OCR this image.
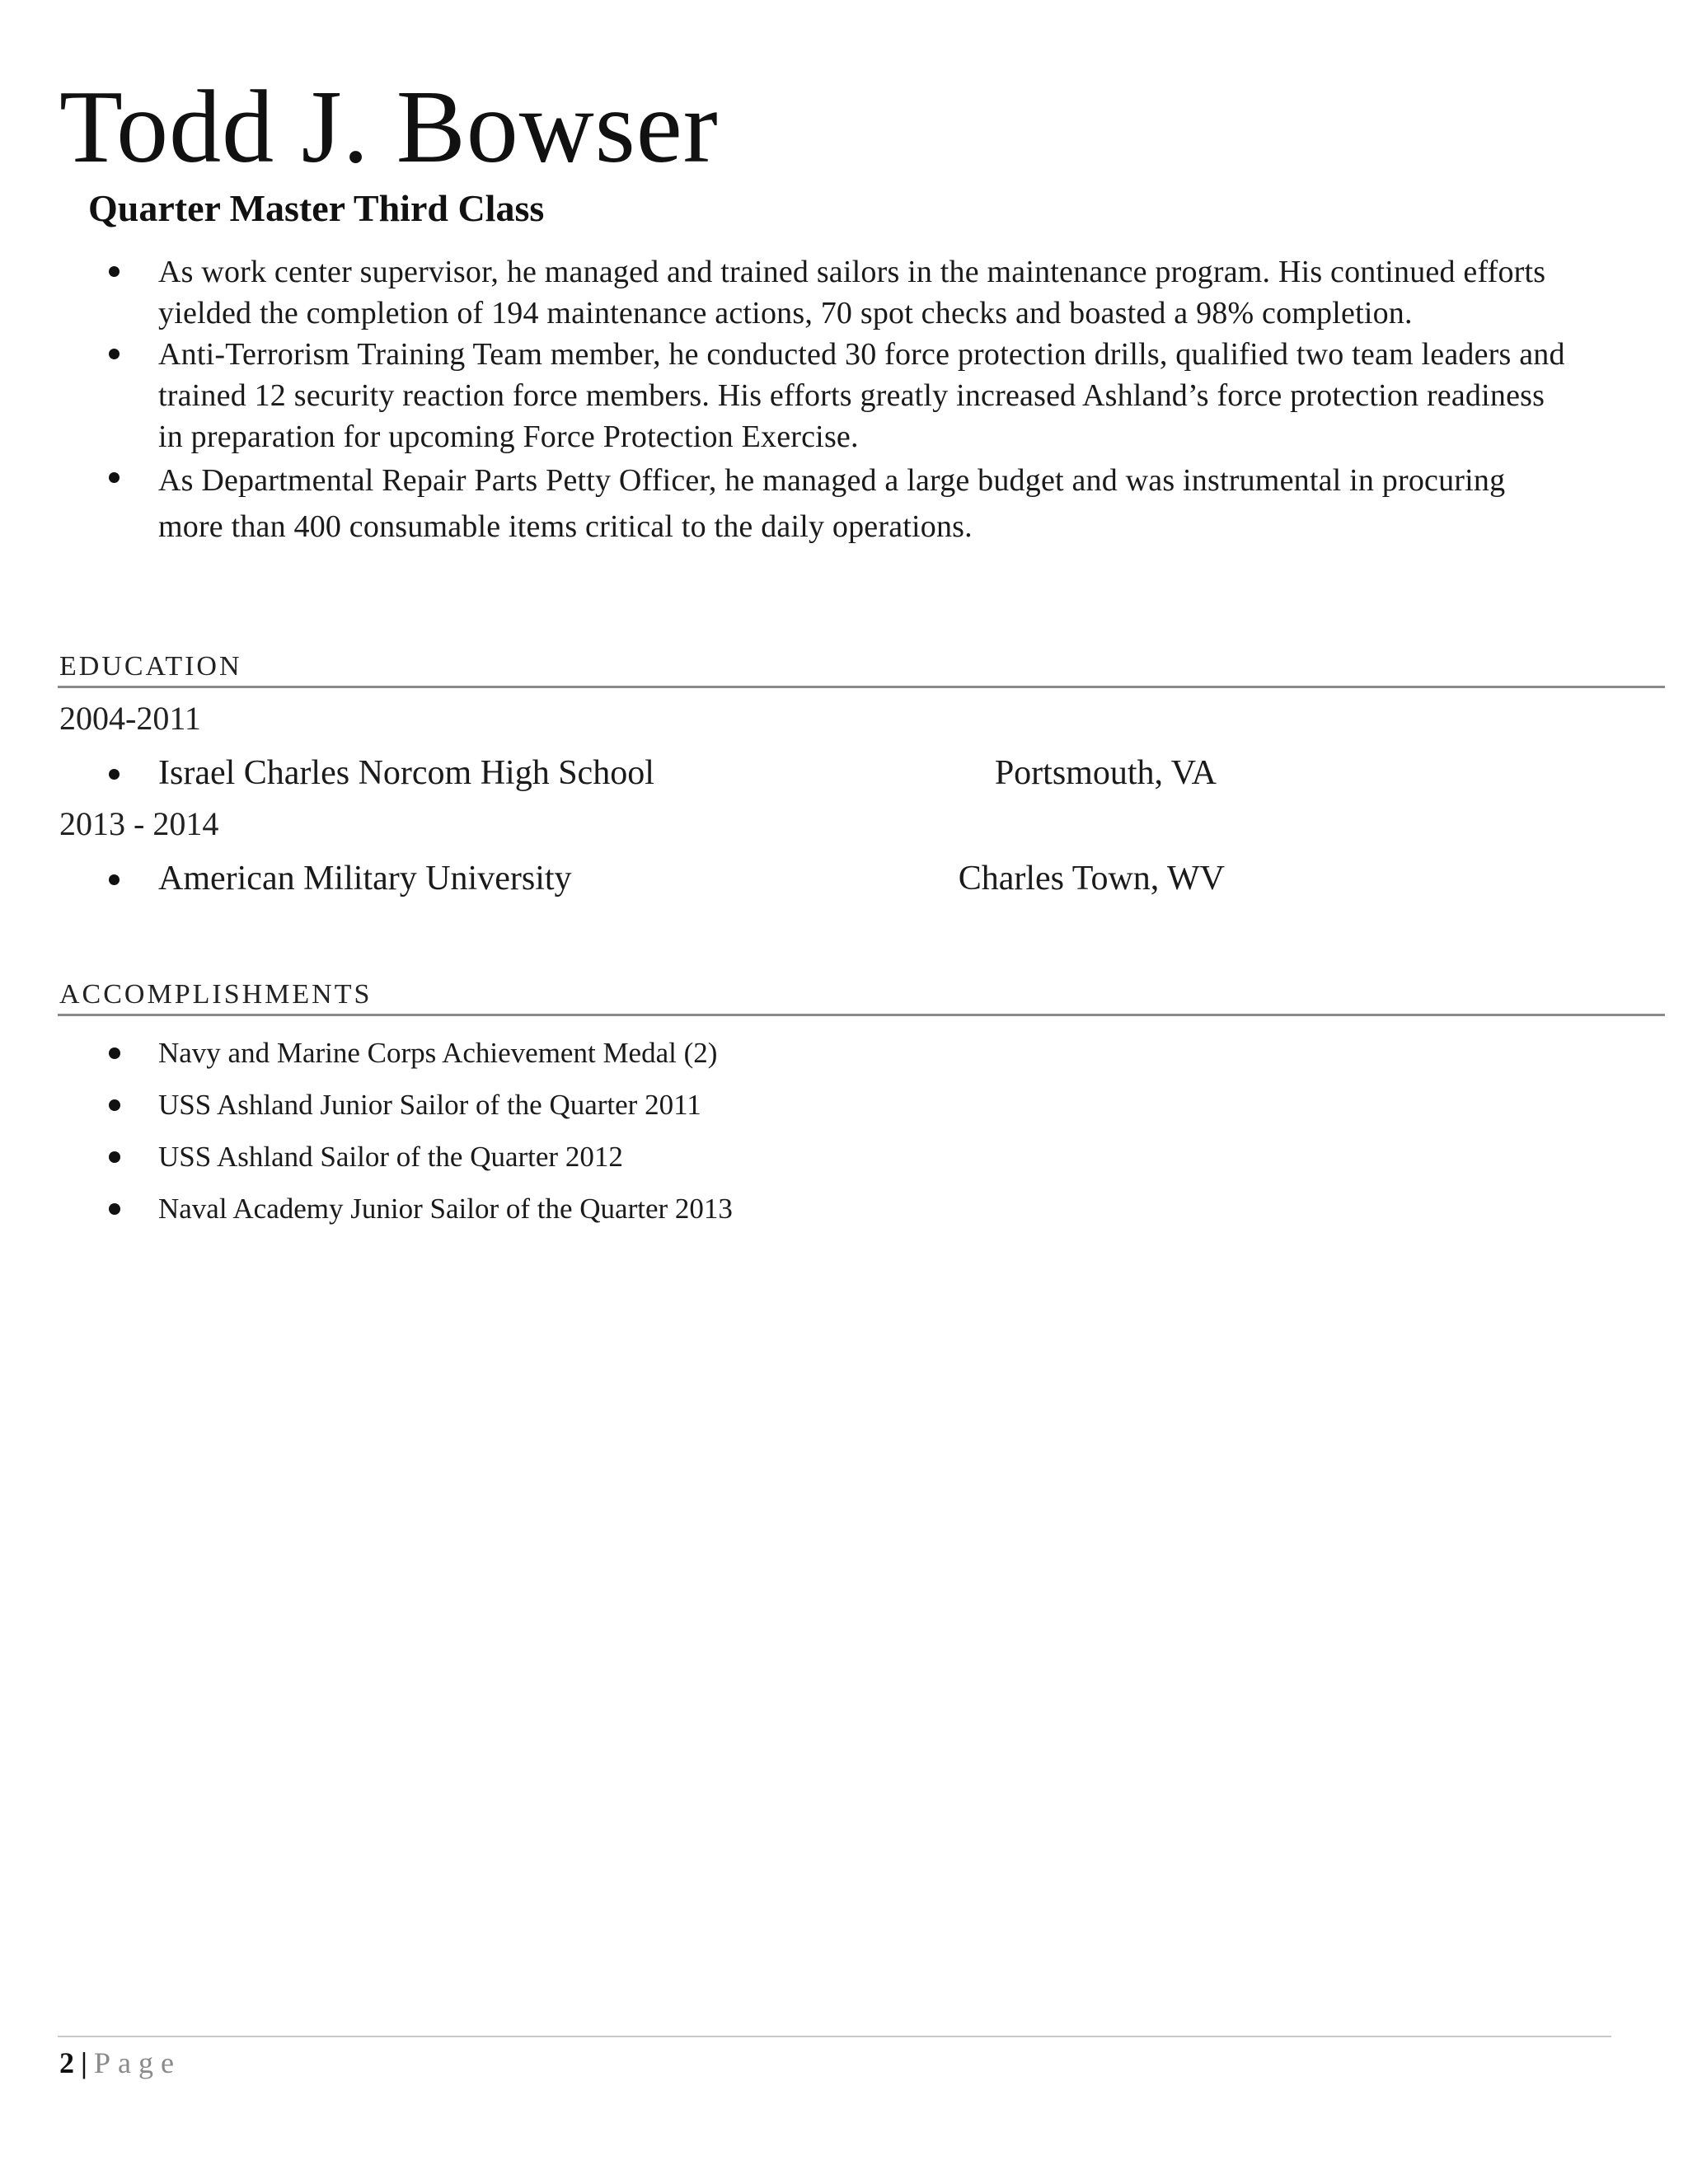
Todd J. Bowser
Quarter Master Third Class
As work center supervisor, he managed and trained sailors in the maintenance program. His continued efforts yielded the completion of 194 maintenance actions, 70 spot checks and boasted a 98% completion.
Anti-Terrorism Training Team member, he conducted 30 force protection drills, qualified two team leaders and trained 12 security reaction force members. His efforts greatly increased Ashland’s force protection readiness in preparation for upcoming Force Protection Exercise.
As Departmental Repair Parts Petty Officer, he managed a large budget and was instrumental in procuring more than 400 consumable items critical to the daily operations.
EDUCATION
2004-2011
Israel Charles Norcom High School	Portsmouth, VA
2013 - 2014
American Military University	Charles Town, WV
ACCOMPLISHMENTS
Navy and Marine Corps Achievement Medal (2)
USS Ashland Junior Sailor of the Quarter 2011
USS Ashland Sailor of the Quarter 2012
Naval Academy Junior Sailor of the Quarter 2013
2 | Page
